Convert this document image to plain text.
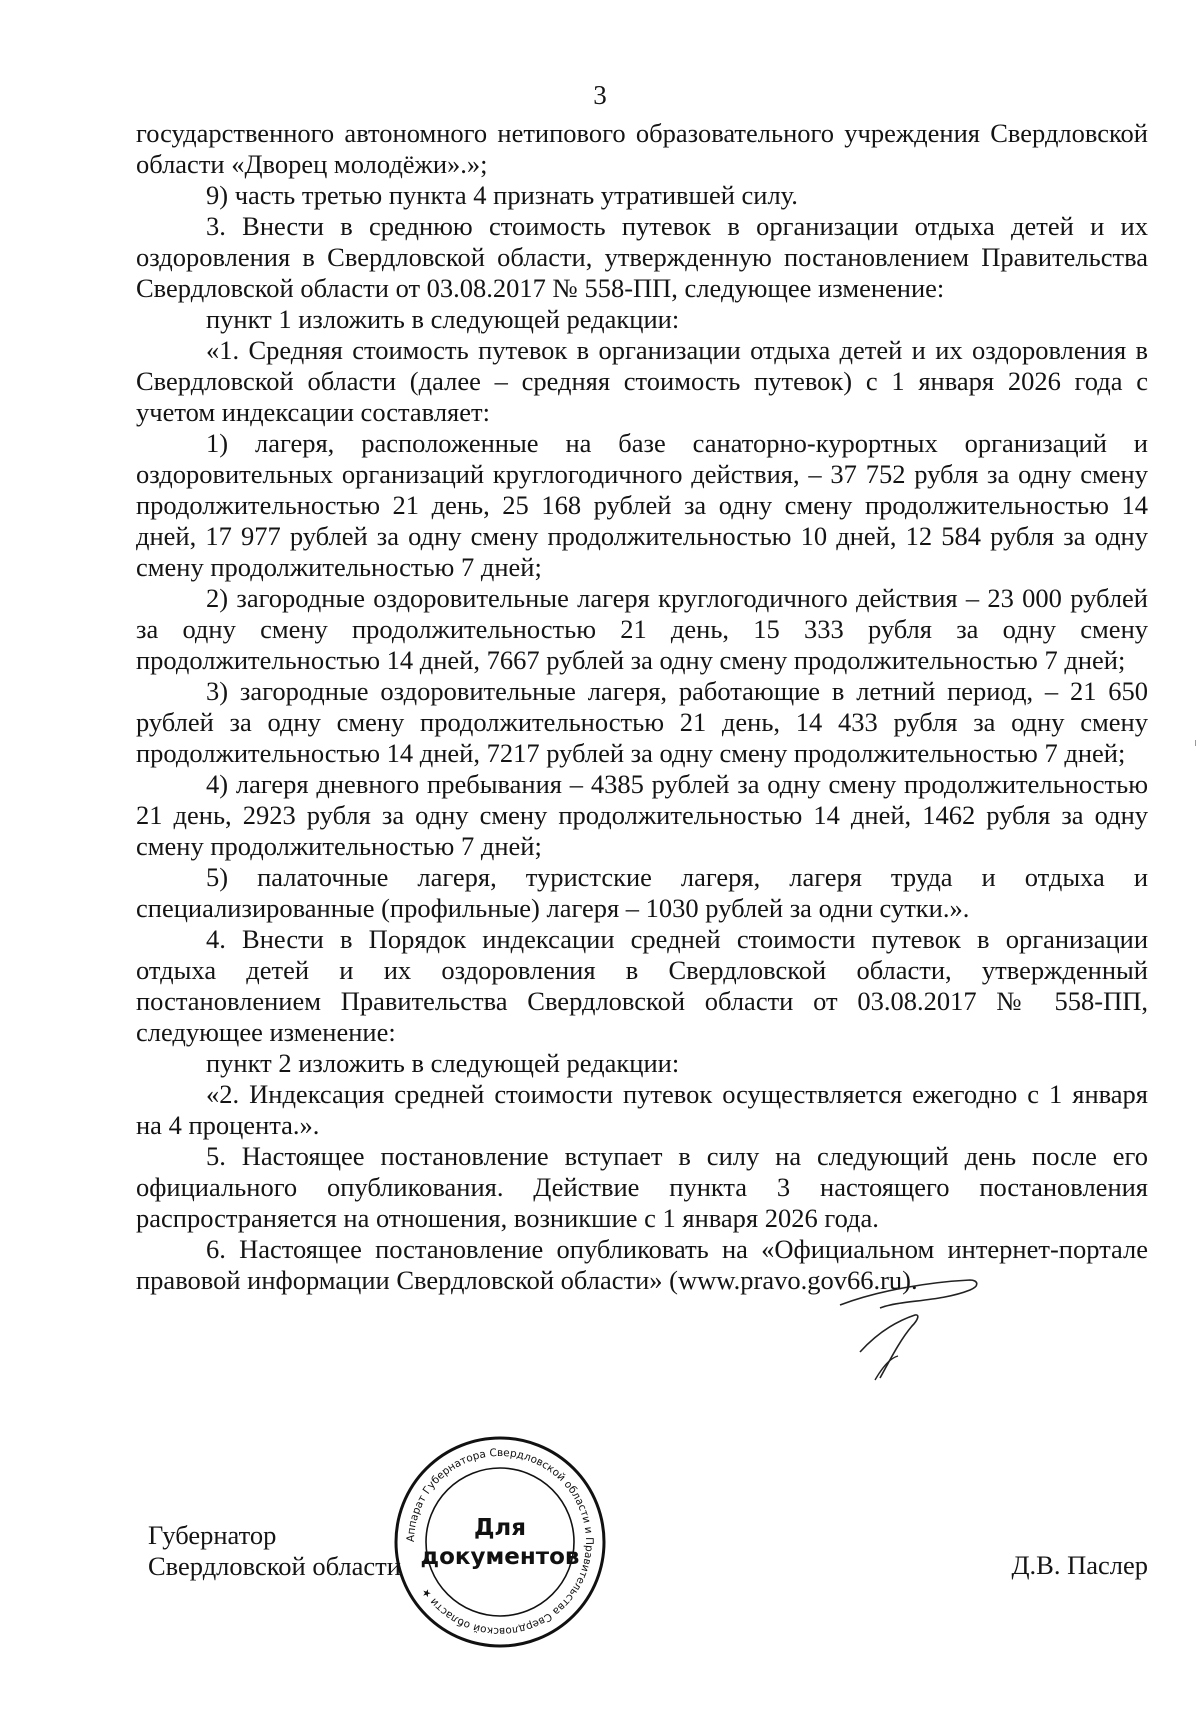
3

государственного автономного нетипового образовательного учреждения Свердловской области «Дворец молодёжи».»;

9) часть третью пункта 4 признать утратившей силу.

3. Внести в среднюю стоимость путевок в организации отдыха детей и их оздоровления в Свердловской области, утвержденную постановлением Правительства Свердловской области от 03.08.2017 № 558-ПП, следующее изменение:

пункт 1 изложить в следующей редакции:

«1. Средняя стоимость путевок в организации отдыха детей и их оздоровления в Свердловской области (далее – средняя стоимость путевок) с 1 января 2026 года с учетом индексации составляет:

1) лагеря, расположенные на базе санаторно-курортных организаций и оздоровительных организаций круглогодичного действия, – 37 752 рубля за одну смену продолжительностью 21 день, 25 168 рублей за одну смену продолжительностью 14 дней, 17 977 рублей за одну смену продолжительностью 10 дней, 12 584 рубля за одну смену продолжительностью 7 дней;

2) загородные оздоровительные лагеря круглогодичного действия – 23 000 рублей за одну смену продолжительностью 21 день, 15 333 рубля за одну смену продолжительностью 14 дней, 7667 рублей за одну смену продолжительностью 7 дней;

3) загородные оздоровительные лагеря, работающие в летний период, – 21 650 рублей за одну смену продолжительностью 21 день, 14 433 рубля за одну смену продолжительностью 14 дней, 7217 рублей за одну смену продолжительностью 7 дней;

4) лагеря дневного пребывания – 4385 рублей за одну смену продолжительностью 21 день, 2923 рубля за одну смену продолжительностью 14 дней, 1462 рубля за одну смену продолжительностью 7 дней;

5) палаточные лагеря, туристские лагеря, лагеря труда и отдыха и специализированные (профильные) лагеря – 1030 рублей за одни сутки.».

4. Внести в Порядок индексации средней стоимости путевок в организации отдыха детей и их оздоровления в Свердловской области, утвержденный постановлением Правительства Свердловской области от 03.08.2017 № 558-ПП, следующее изменение:

пункт 2 изложить в следующей редакции:

«2. Индексация средней стоимости путевок осуществляется ежегодно с 1 января на 4 процента.».

5. Настоящее постановление вступает в силу на следующий день после его официального опубликования. Действие пункта 3 настоящего постановления распространяется на отношения, возникшие с 1 января 2026 года.

6. Настоящее постановление опубликовать на «Официальном интернет-портале правовой информации Свердловской области» (www.pravo.gov66.ru).

Губернатор
Свердловской области
Аппарат Губернатора Свердловской области и Правительства Свердловской области ★
Для
документов	Д.В. Паслер
